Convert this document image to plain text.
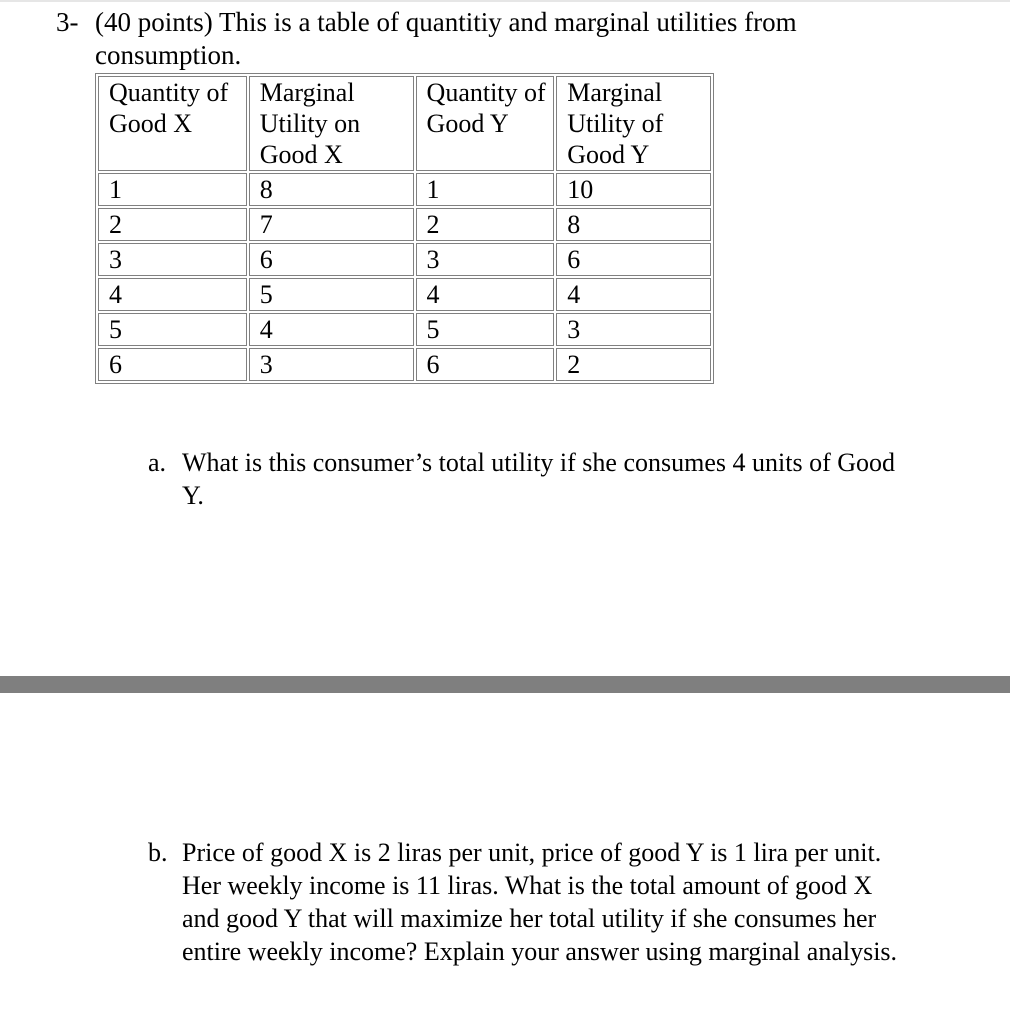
3- (40 points) This is a table of quantitiy and marginal utilities from
consumption.
Quantity of Good X	Marginal Utility on Good X	Quantity of Good Y	Marginal Utility of Good Y
1	8	1	10
2	7	2	8
3	6	3	6
4	5	4	4
5	4	5	3
6	3	6	2
a. What is this consumer’s total utility if she consumes 4 units of Good Y.
b. Price of good X is 2 liras per unit, price of good Y is 1 lira per unit. Her weekly income is 11 liras. What is the total amount of good X and good Y that will maximize her total utility if she consumes her entire weekly income? Explain your answer using marginal analysis.
